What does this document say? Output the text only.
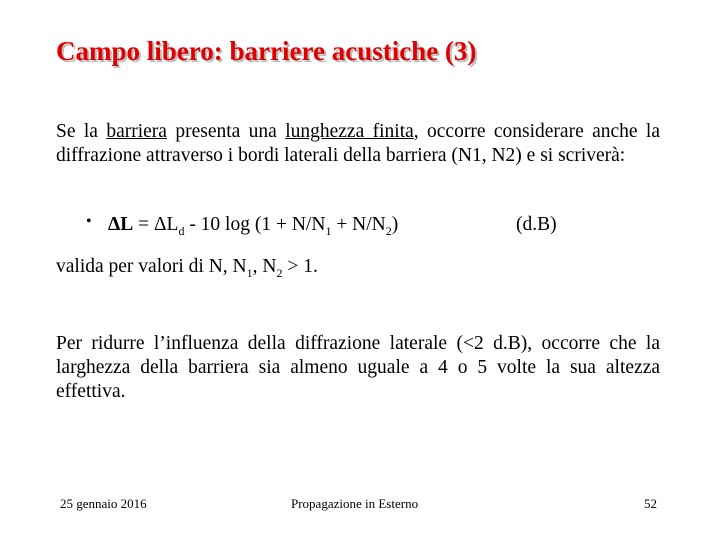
Campo libero: barriere acustiche (3)
Se la barriera presenta una lunghezza finita, occorre considerare anche la diffrazione attraverso i bordi laterali della barriera (N1, N2) e si scriverà:
• $\Delta L = \Delta L_d - 10$ $\log (1 + N/N_1 + N/N_2)$	(d.B)
valida per valori di N, $N_1$, $N_2 > 1$.
Per ridurre l’influenza della diffrazione laterale (<2 d.B), occorre che la larghezza della barriera sia almeno uguale a 4 o 5 volte la sua altezza effettiva.
25 gennaio 2016	Propagazione in Esterno	52
